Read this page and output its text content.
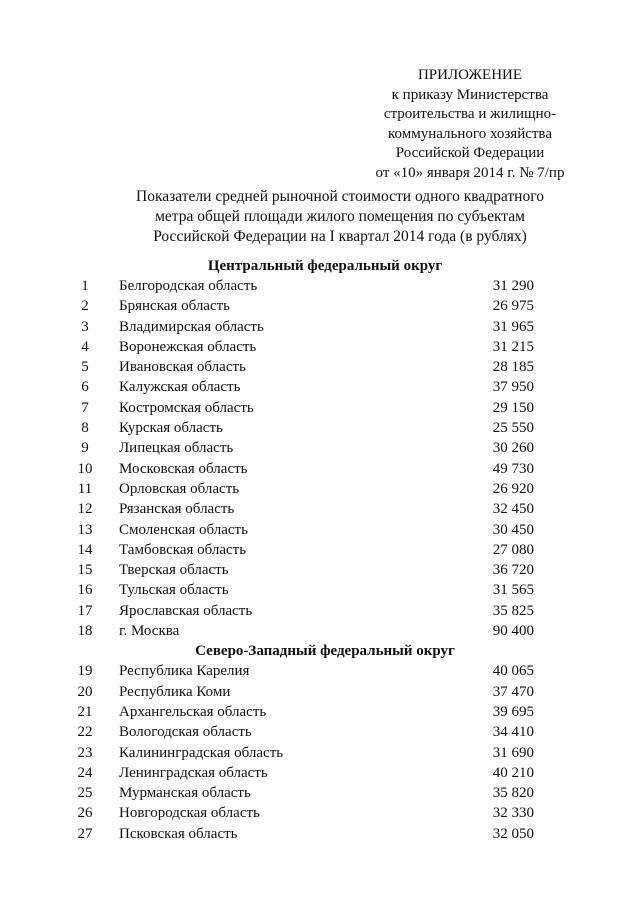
ПРИЛОЖЕНИЕ
к приказу Министерства
строительства и жилищно-
коммунального хозяйства
Российской Федерации
от «10» января 2014 г. № 7/пр
Показатели средней рыночной стоимости одного квадратного
метра общей площади жилого помещения по субъектам
Российской Федерации на I квартал 2014 года (в рублях)
Центральный федеральный округ
1	Белгородская область	31 290
2	Брянская область	26 975
3	Владимирская область	31 965
4	Воронежская область	31 215
5	Ивановская область	28 185
6	Калужская область	37 950
7	Костромская область	29 150
8	Курская область	25 550
9	Липецкая область	30 260
10	Московская область	49 730
11	Орловская область	26 920
12	Рязанская область	32 450
13	Смоленская область	30 450
14	Тамбовская область	27 080
15	Тверская область	36 720
16	Тульская область	31 565
17	Ярославская область	35 825
18	г. Москва	90 400
Северо-Западный федеральный округ
19	Республика Карелия	40 065
20	Республика Коми	37 470
21	Архангельская область	39 695
22	Вологодская область	34 410
23	Калининградская область	31 690
24	Ленинградская область	40 210
25	Мурманская область	35 820
26	Новгородская область	32 330
27	Псковская область	32 050
